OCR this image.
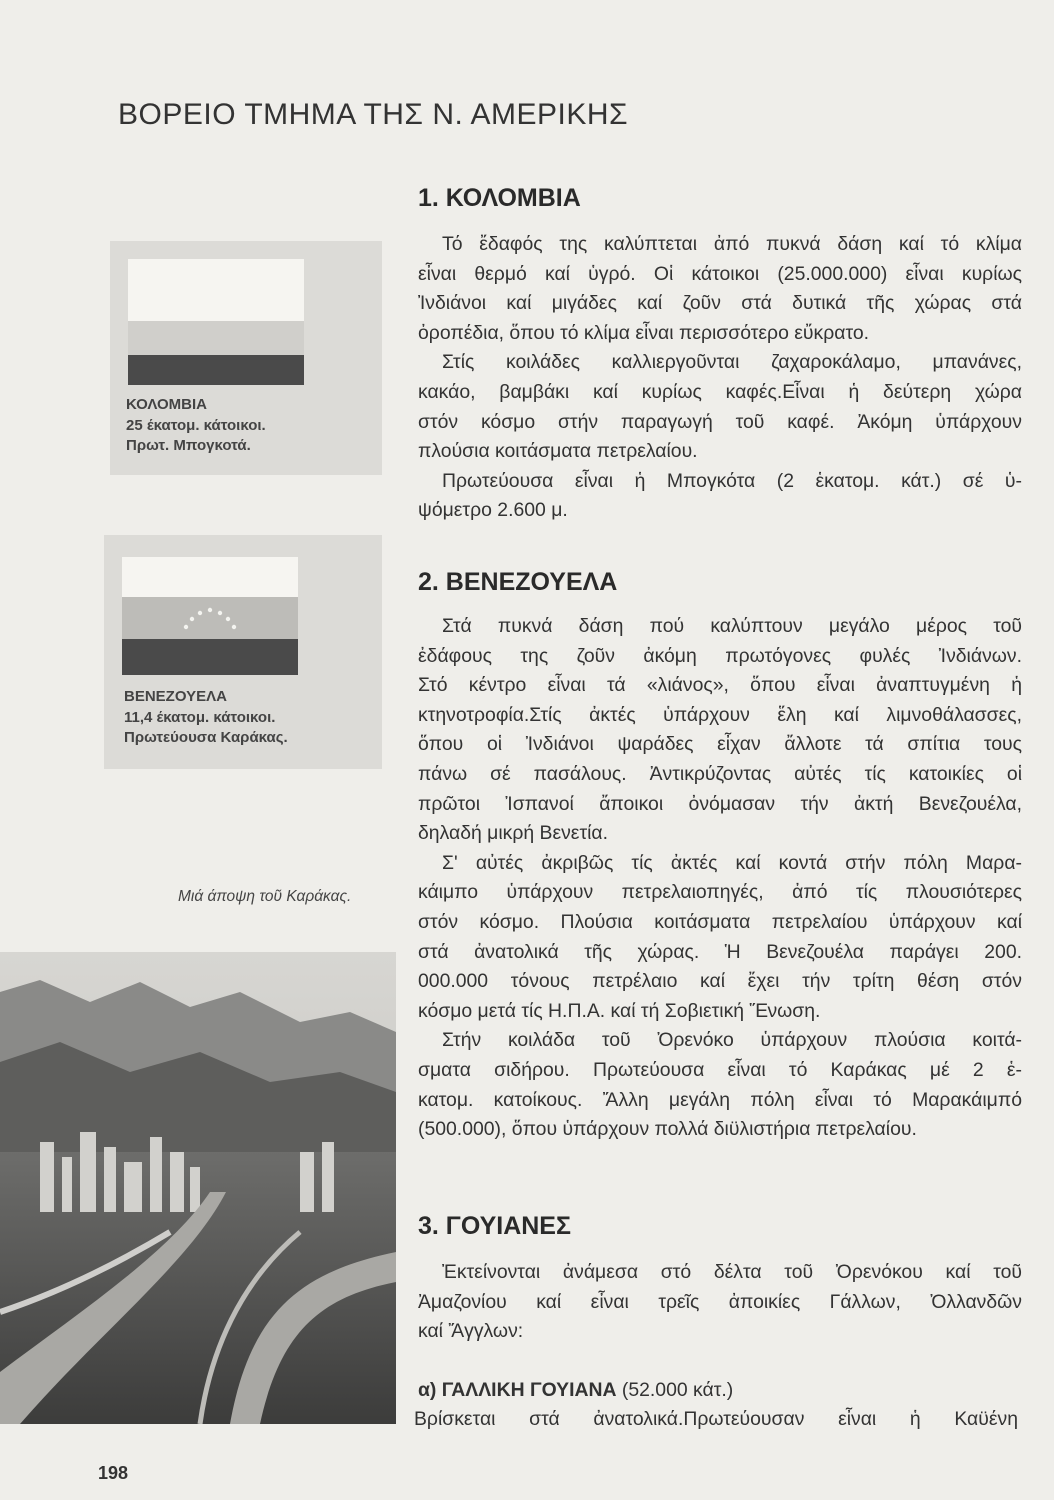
ΒΟΡΕΙΟ ΤΜΗΜΑ ΤΗΣ Ν. ΑΜΕΡΙΚΗΣ
ΚΟΛΟΜΒΙΑ
25 έκατομ. κάτοικοι.
Πρωτ. Μπογκοτά.
ΒΕΝΕΖΟΥΕΛΑ
11,4 έκατομ. κάτοικοι.
Πρωτεύουσα Καράκας.
Μιά άποψη τοῦ Καράκας.
1. ΚΟΛΟΜΒΙΑ
Τό ἔδαφός της καλύπτεται ἀπό πυκνά δάση καί τό κλίμα
εἶναι θερμό καί ὑγρό. Οἱ κάτοικοι (25.000.000) εἶναι κυρίως
Ἰνδιάνοι καί μιγάδες καί ζοῦν στά δυτικά τῆς χώρας στά
ὀροπέδια, ὅπου τό κλίμα εἶναι περισσότερο εὔκρατο.
Στίς κοιλάδες καλλιεργοῦνται ζαχαροκάλαμο, μπανάνες,
κακάο, βαμβάκι καί κυρίως καφές.Εἶναι ἡ δεύτερη χώρα
στόν κόσμο στήν παραγωγή τοῦ καφέ. Ἀκόμη ὑπάρχουν
πλούσια κοιτάσματα πετρελαίου.
Πρωτεύουσα εἶναι ἡ Μπογκότα (2 ἑκατομ. κάτ.) σέ ὑ-
ψόμετρο 2.600 μ.
2. ΒΕΝΕΖΟΥΕΛΑ
Στά πυκνά δάση πού καλύπτουν μεγάλο μέρος τοῦ
ἐδάφους της ζοῦν ἀκόμη πρωτόγονες φυλές Ἰνδιάνων.
Στό κέντρο εἶναι τά «λιάνος», ὅπου εἶναι ἀναπτυγμένη ἡ
κτηνοτροφία.Στίς ἀκτές ὑπάρχουν ἕλη καί λιμνοθάλασσες,
ὅπου οἱ Ἰνδιάνοι ψαράδες εἶχαν ἄλλοτε τά σπίτια τους
πάνω σέ πασάλους. Ἀντικρύζοντας αὐτές τίς κατοικίες οἱ
πρῶτοι Ἰσπανοί ἄποικοι ὀνόμασαν τήν ἀκτή Βενεζουέλα,
δηλαδή μικρή Βενετία.
Σ' αὐτές ἀκριβῶς τίς ἀκτές καί κοντά στήν πόλη Μαρα-
κάιμπο ὑπάρχουν πετρελαιοπηγές, ἀπό τίς πλουσιότερες
στόν κόσμο. Πλούσια κοιτάσματα πετρελαίου ὑπάρχουν καί
στά ἀνατολικά τῆς χώρας. Ἡ Βενεζουέλα παράγει 200.
000.000 τόνους πετρέλαιο καί ἔχει τήν τρίτη θέση στόν
κόσμο μετά τίς Η.Π.Α. καί τή Σοβιετική Ἕνωση.
Στήν κοιλάδα τοῦ Ὀρενόκο ὑπάρχουν πλούσια κοιτά-
σματα σιδήρου. Πρωτεύουσα εἶναι τό Καράκας μέ 2 ἑ-
κατομ. κατοίκους. Ἄλλη μεγάλη πόλη εἶναι τό Μαρακάιμπό
(500.000), ὅπου ὑπάρχουν πολλά διϋλιστήρια πετρελαίου.
3. ΓΟΥΙΑΝΕΣ
Ἐκτείνονται ἀνάμεσα στό δέλτα τοῦ Ὀρενόκου καί τοῦ
Ἀμαζονίου καί εἶναι τρεῖς ἀποικίες Γάλλων, Ὀλλανδῶν
καί Ἄγγλων:
α) ΓΑΛΛΙΚΗ ΓΟΥΙΑΝΑ (52.000 κάτ.)
Βρίσκεται στά ἀνατολικά.Πρωτεύουσαν εἶναι ἡ Καϋένη
198
